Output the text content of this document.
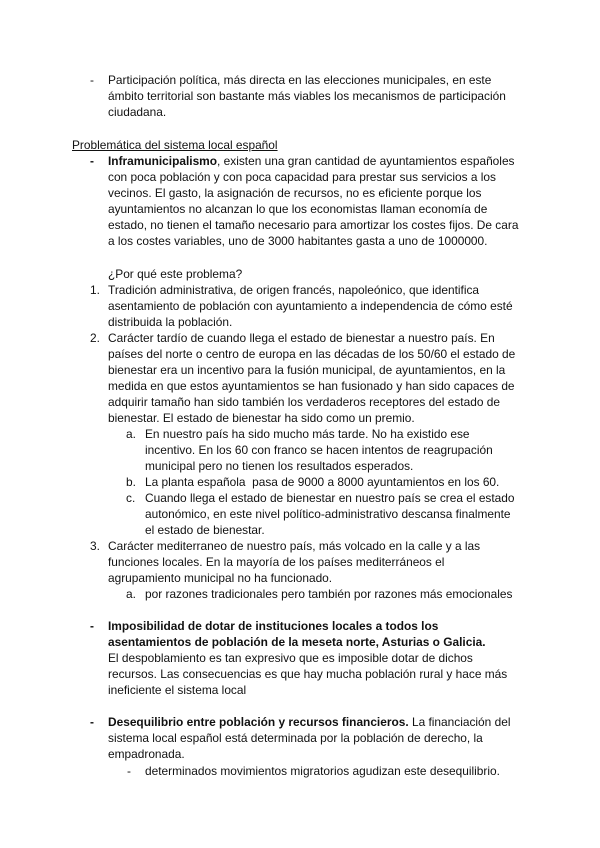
- Participación política, más directa en las elecciones municipales, en este
ámbito territorial son bastante más viables los mecanismos de participación
ciudadana.
Problemática del sistema local español
- Inframunicipalismo, existen una gran cantidad de ayuntamientos españoles
con poca población y con poca capacidad para prestar sus servicios a los
vecinos. El gasto, la asignación de recursos, no es eficiente porque los
ayuntamientos no alcanzan lo que los economistas llaman economía de
estado, no tienen el tamaño necesario para amortizar los costes fijos. De cara
a los costes variables, uno de 3000 habitantes gasta a uno de 1000000.
¿Por qué este problema?
1. Tradición administrativa, de origen francés, napoleónico, que identifica
asentamiento de población con ayuntamiento a independencia de cómo esté
distribuida la población.
2. Carácter tardío de cuando llega el estado de bienestar a nuestro país. En
países del norte o centro de europa en las décadas de los 50/60 el estado de
bienestar era un incentivo para la fusión municipal, de ayuntamientos, en la
medida en que estos ayuntamientos se han fusionado y han sido capaces de
adquirir tamaño han sido también los verdaderos receptores del estado de
bienestar. El estado de bienestar ha sido como un premio.
a. En nuestro país ha sido mucho más tarde. No ha existido ese
incentivo. En los 60 con franco se hacen intentos de reagrupación
municipal pero no tienen los resultados esperados.
b. La planta española  pasa de 9000 a 8000 ayuntamientos en los 60.
c. Cuando llega el estado de bienestar en nuestro país se crea el estado
autonómico, en este nivel político-administrativo descansa finalmente
el estado de bienestar.
3. Carácter mediterraneo de nuestro país, más volcado en la calle y a las
funciones locales. En la mayoría de los países mediterráneos el
agrupamiento municipal no ha funcionado.
a. por razones tradicionales pero también por razones más emocionales
- Imposibilidad de dotar de instituciones locales a todos los
asentamientos de población de la meseta norte, Asturias o Galicia.
El despoblamiento es tan expresivo que es imposible dotar de dichos
recursos. Las consecuencias es que hay mucha población rural y hace más
ineficiente el sistema local
- Desequilibrio entre población y recursos financieros. La financiación del
sistema local español está determinada por la población de derecho, la
empadronada.
- determinados movimientos migratorios agudizan este desequilibrio.
